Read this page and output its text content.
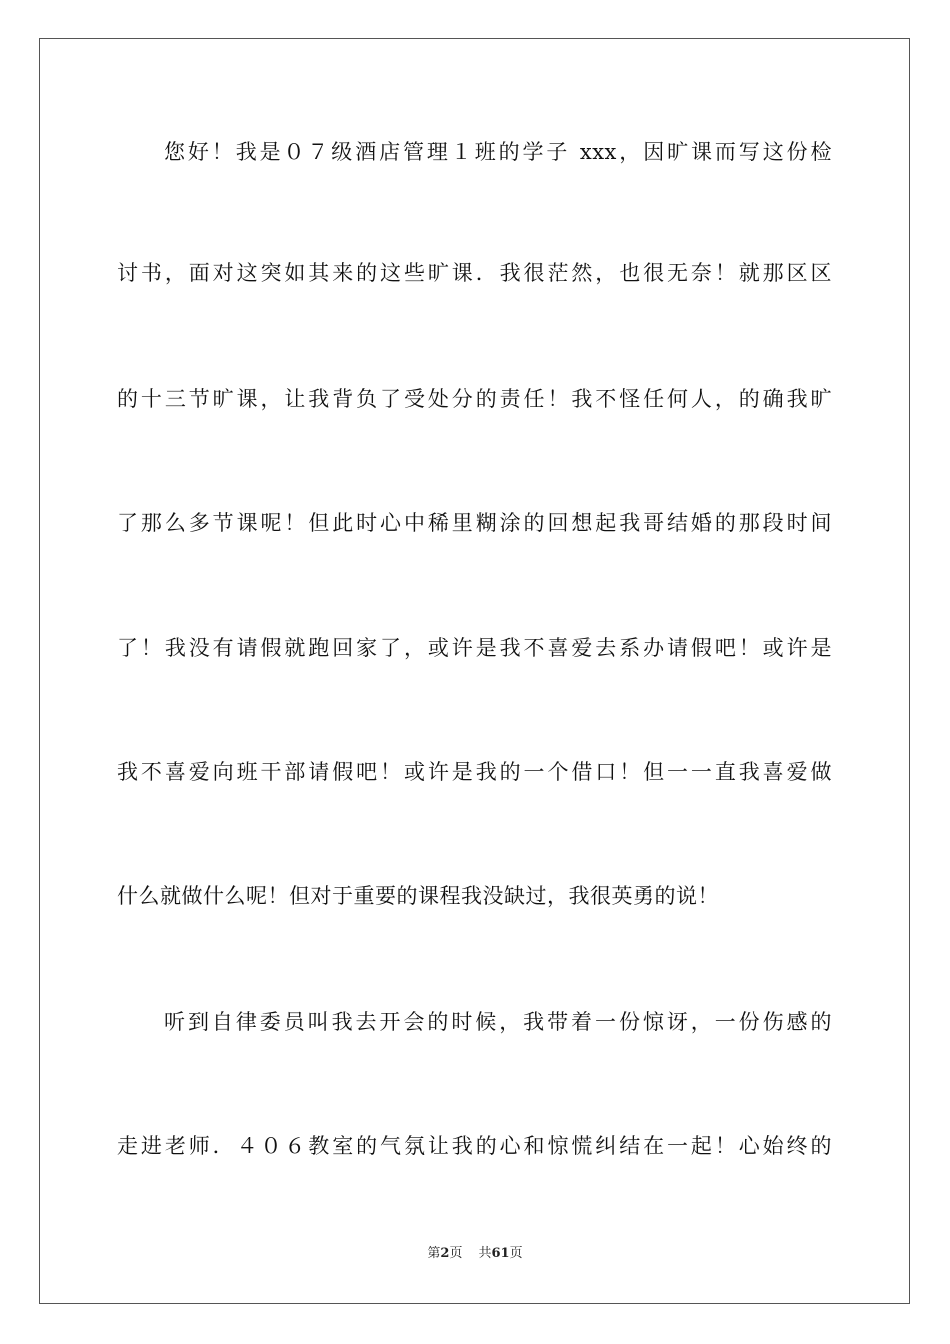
您好！我是０７级酒店管理１班的学子 xxx，因旷课而写这份检
讨书，面对这突如其来的这些旷课．我很茫然，也很无奈！就那区区
的十三节旷课，让我背负了受处分的责任！我不怪任何人，的确我旷
了那么多节课呢！但此时心中稀里糊涂的回想起我哥结婚的那段时间
了！我没有请假就跑回家了，或许是我不喜爱去系办请假吧！或许是
我不喜爱向班干部请假吧！或许是我的一个借口！但一一直我喜爱做
什么就做什么呢！但对于重要的课程我没缺过，我很英勇的说！
听到自律委员叫我去开会的时候，我带着一份惊讶，一份伤感的
走进老师．４０６教室的气氛让我的心和惊慌纠结在一起！心始终的
第2页 共61页
